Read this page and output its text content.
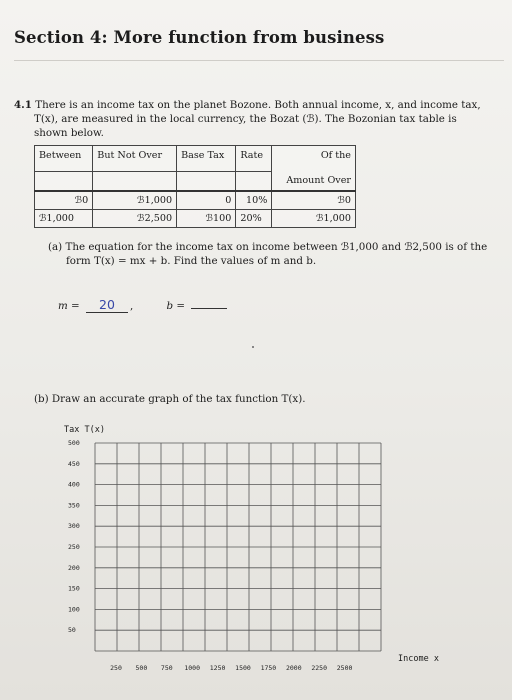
Section 4: More function from business
4.1 There is an income tax on the planet Bozone. Both annual income, x, and income tax,
T(x), are measured in the local currency, the Bozat (ℬ). The Bozonian tax table is
shown below.
Between	But Not Over	Base Tax	Rate	Of the
				Amount Over
ℬ0	ℬ1,000	0	10%	ℬ0
ℬ1,000	ℬ2,500	ℬ100	20%	ℬ1,000
(a) The equation for the income tax on income between ℬ1,000 and ℬ2,500 is of the
form T(x) = mx + b. Find the values of m and b.
m = 20 ,	b =
(b) Draw an accurate graph of the tax function T(x).
Tax T(x)
Income x
500
450
400
350
300
250
200
150
100
50
250 500 750 1000 1250 1500 1750 2000 2250 2500
